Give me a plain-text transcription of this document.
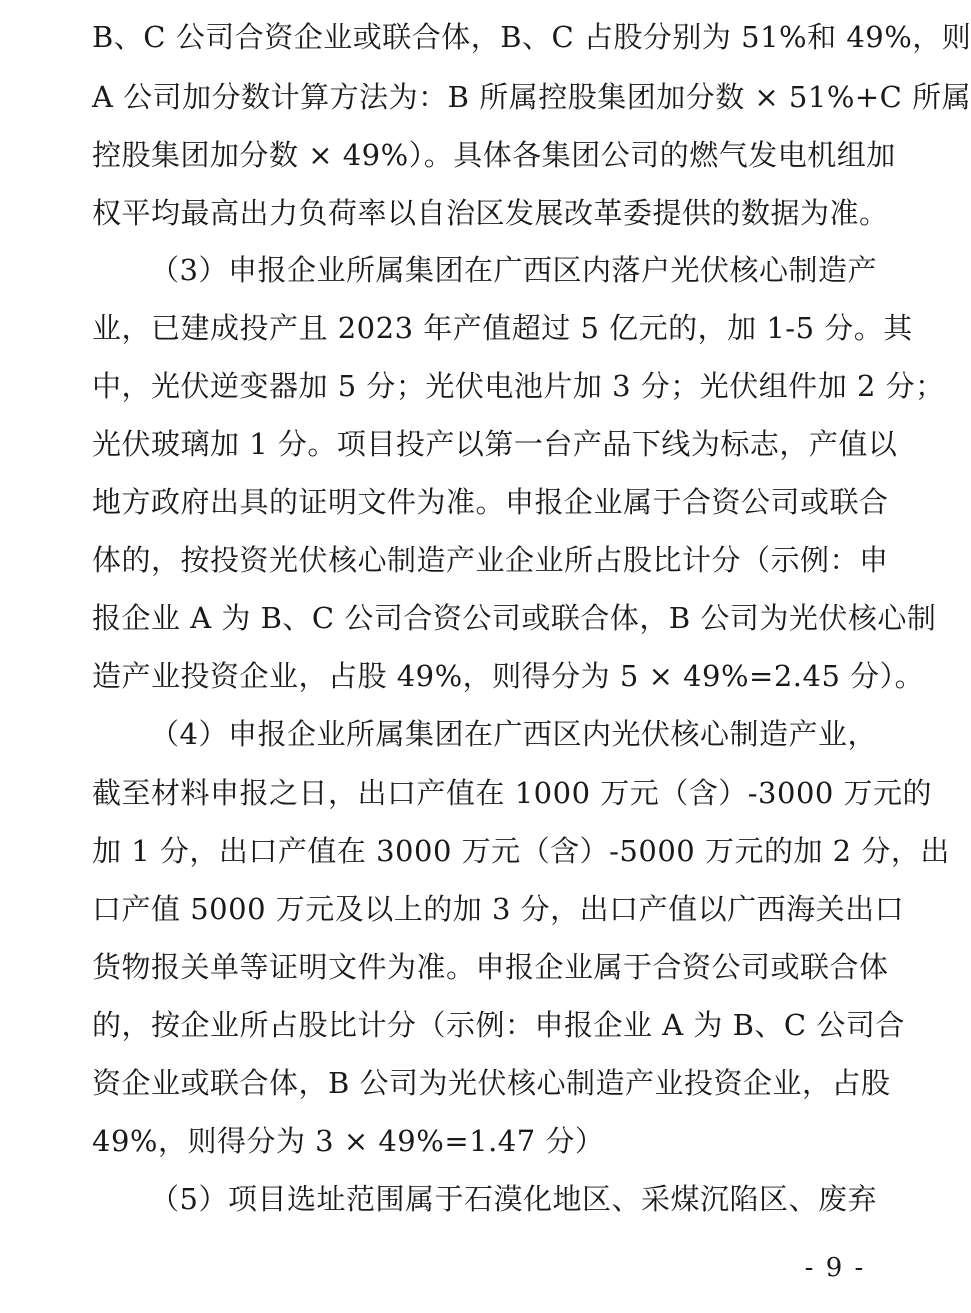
B、C 公司合资企业或联合体，B、C 占股分别为 51%和 49%，则
A 公司加分数计算方法为：B 所属控股集团加分数 × 51%+C 所属
控股集团加分数 × 49%）。具体各集团公司的燃气发电机组加
权平均最高出力负荷率以自治区发展改革委提供的数据为准。
（3）申报企业所属集团在广西区内落户光伏核心制造产
业，已建成投产且 2023 年产值超过 5 亿元的，加 1-5 分。其
中，光伏逆变器加 5 分；光伏电池片加 3 分；光伏组件加 2 分；
光伏玻璃加 1 分。项目投产以第一台产品下线为标志，产值以
地方政府出具的证明文件为准。申报企业属于合资公司或联合
体的，按投资光伏核心制造产业企业所占股比计分（示例：申
报企业 A 为 B、C 公司合资公司或联合体，B 公司为光伏核心制
造产业投资企业，占股 49%，则得分为 5 × 49%=2.45 分）。
（4）申报企业所属集团在广西区内光伏核心制造产业，
截至材料申报之日，出口产值在 1000 万元（含）-3000 万元的
加 1 分，出口产值在 3000 万元（含）-5000 万元的加 2 分，出
口产值 5000 万元及以上的加 3 分，出口产值以广西海关出口
货物报关单等证明文件为准。申报企业属于合资公司或联合体
的，按企业所占股比计分（示例：申报企业 A 为 B、C 公司合
资企业或联合体，B 公司为光伏核心制造产业投资企业，占股
49%，则得分为 3 × 49%=1.47 分）
（5）项目选址范围属于石漠化地区、采煤沉陷区、废弃
- 9 -
